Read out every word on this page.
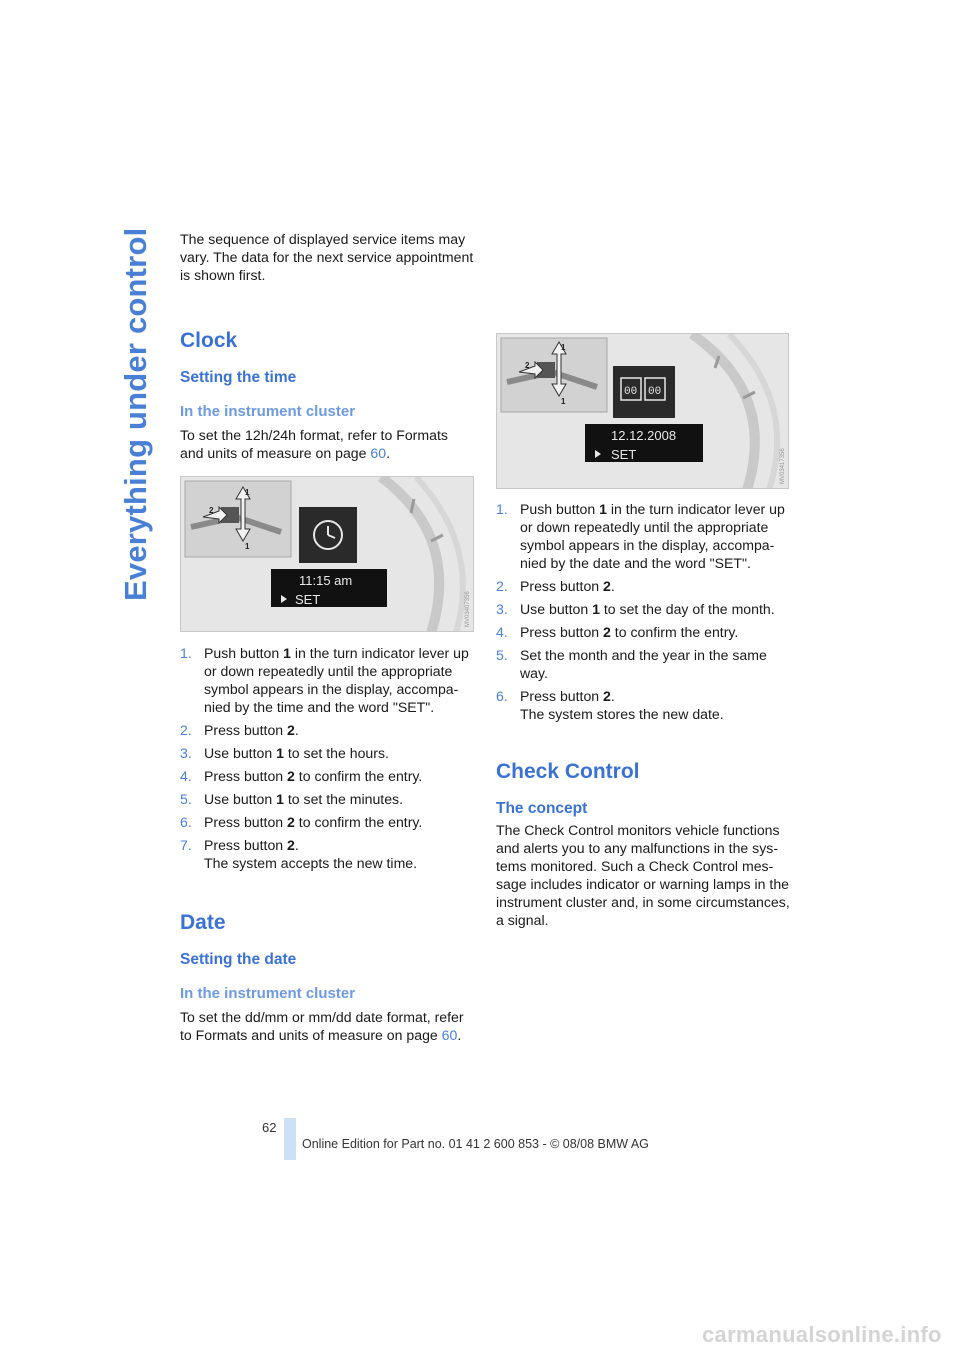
Everything under control The sequence of displayed service items may vary. The data for the next service appointment is shown first.

Clock
Setting the time
In the instrument cluster

To set the 12h/24h format, refer to Formats and units of measure on page 60.

1
2
1
11:15 am
SET	MV03407356
1. Push button 1 in the turn indicator lever up or down repeatedly until the appropriate symbol appears in the display, accompa-nied by the time and the word "SET".
2. Press button 2.
3. Use button 1 to set the hours.
4. Press button 2 to confirm the entry.
5. Use button 1 to set the minutes.
6. Press button 2 to confirm the entry.
7. Press button 2.
The system accepts the new time.
Date
Setting the date
In the instrument cluster

To set the dd/mm or mm/dd date format, refer to Formats and units of measure on page 60.

1
2
1
00 00
12.12.2008
SET	MV03417356
1. Push button 1 in the turn indicator lever up or down repeatedly until the appropriate symbol appears in the display, accompa-nied by the date and the word "SET".
2. Press button 2.
3. Use button 1 to set the day of the month.
4. Press button 2 to confirm the entry.
5. Set the month and the year in the same way.
6. Press button 2.
The system stores the new date.
Check Control
The concept

The Check Control monitors vehicle functions and alerts you to any malfunctions in the sys-tems monitored. Such a Check Control mes-sage includes indicator or warning lamps in the instrument cluster and, in some circumstances, a signal.

62
Online Edition for Part no. 01 41 2 600 853 - © 08/08 BMW AG
carmanualsonline.info
